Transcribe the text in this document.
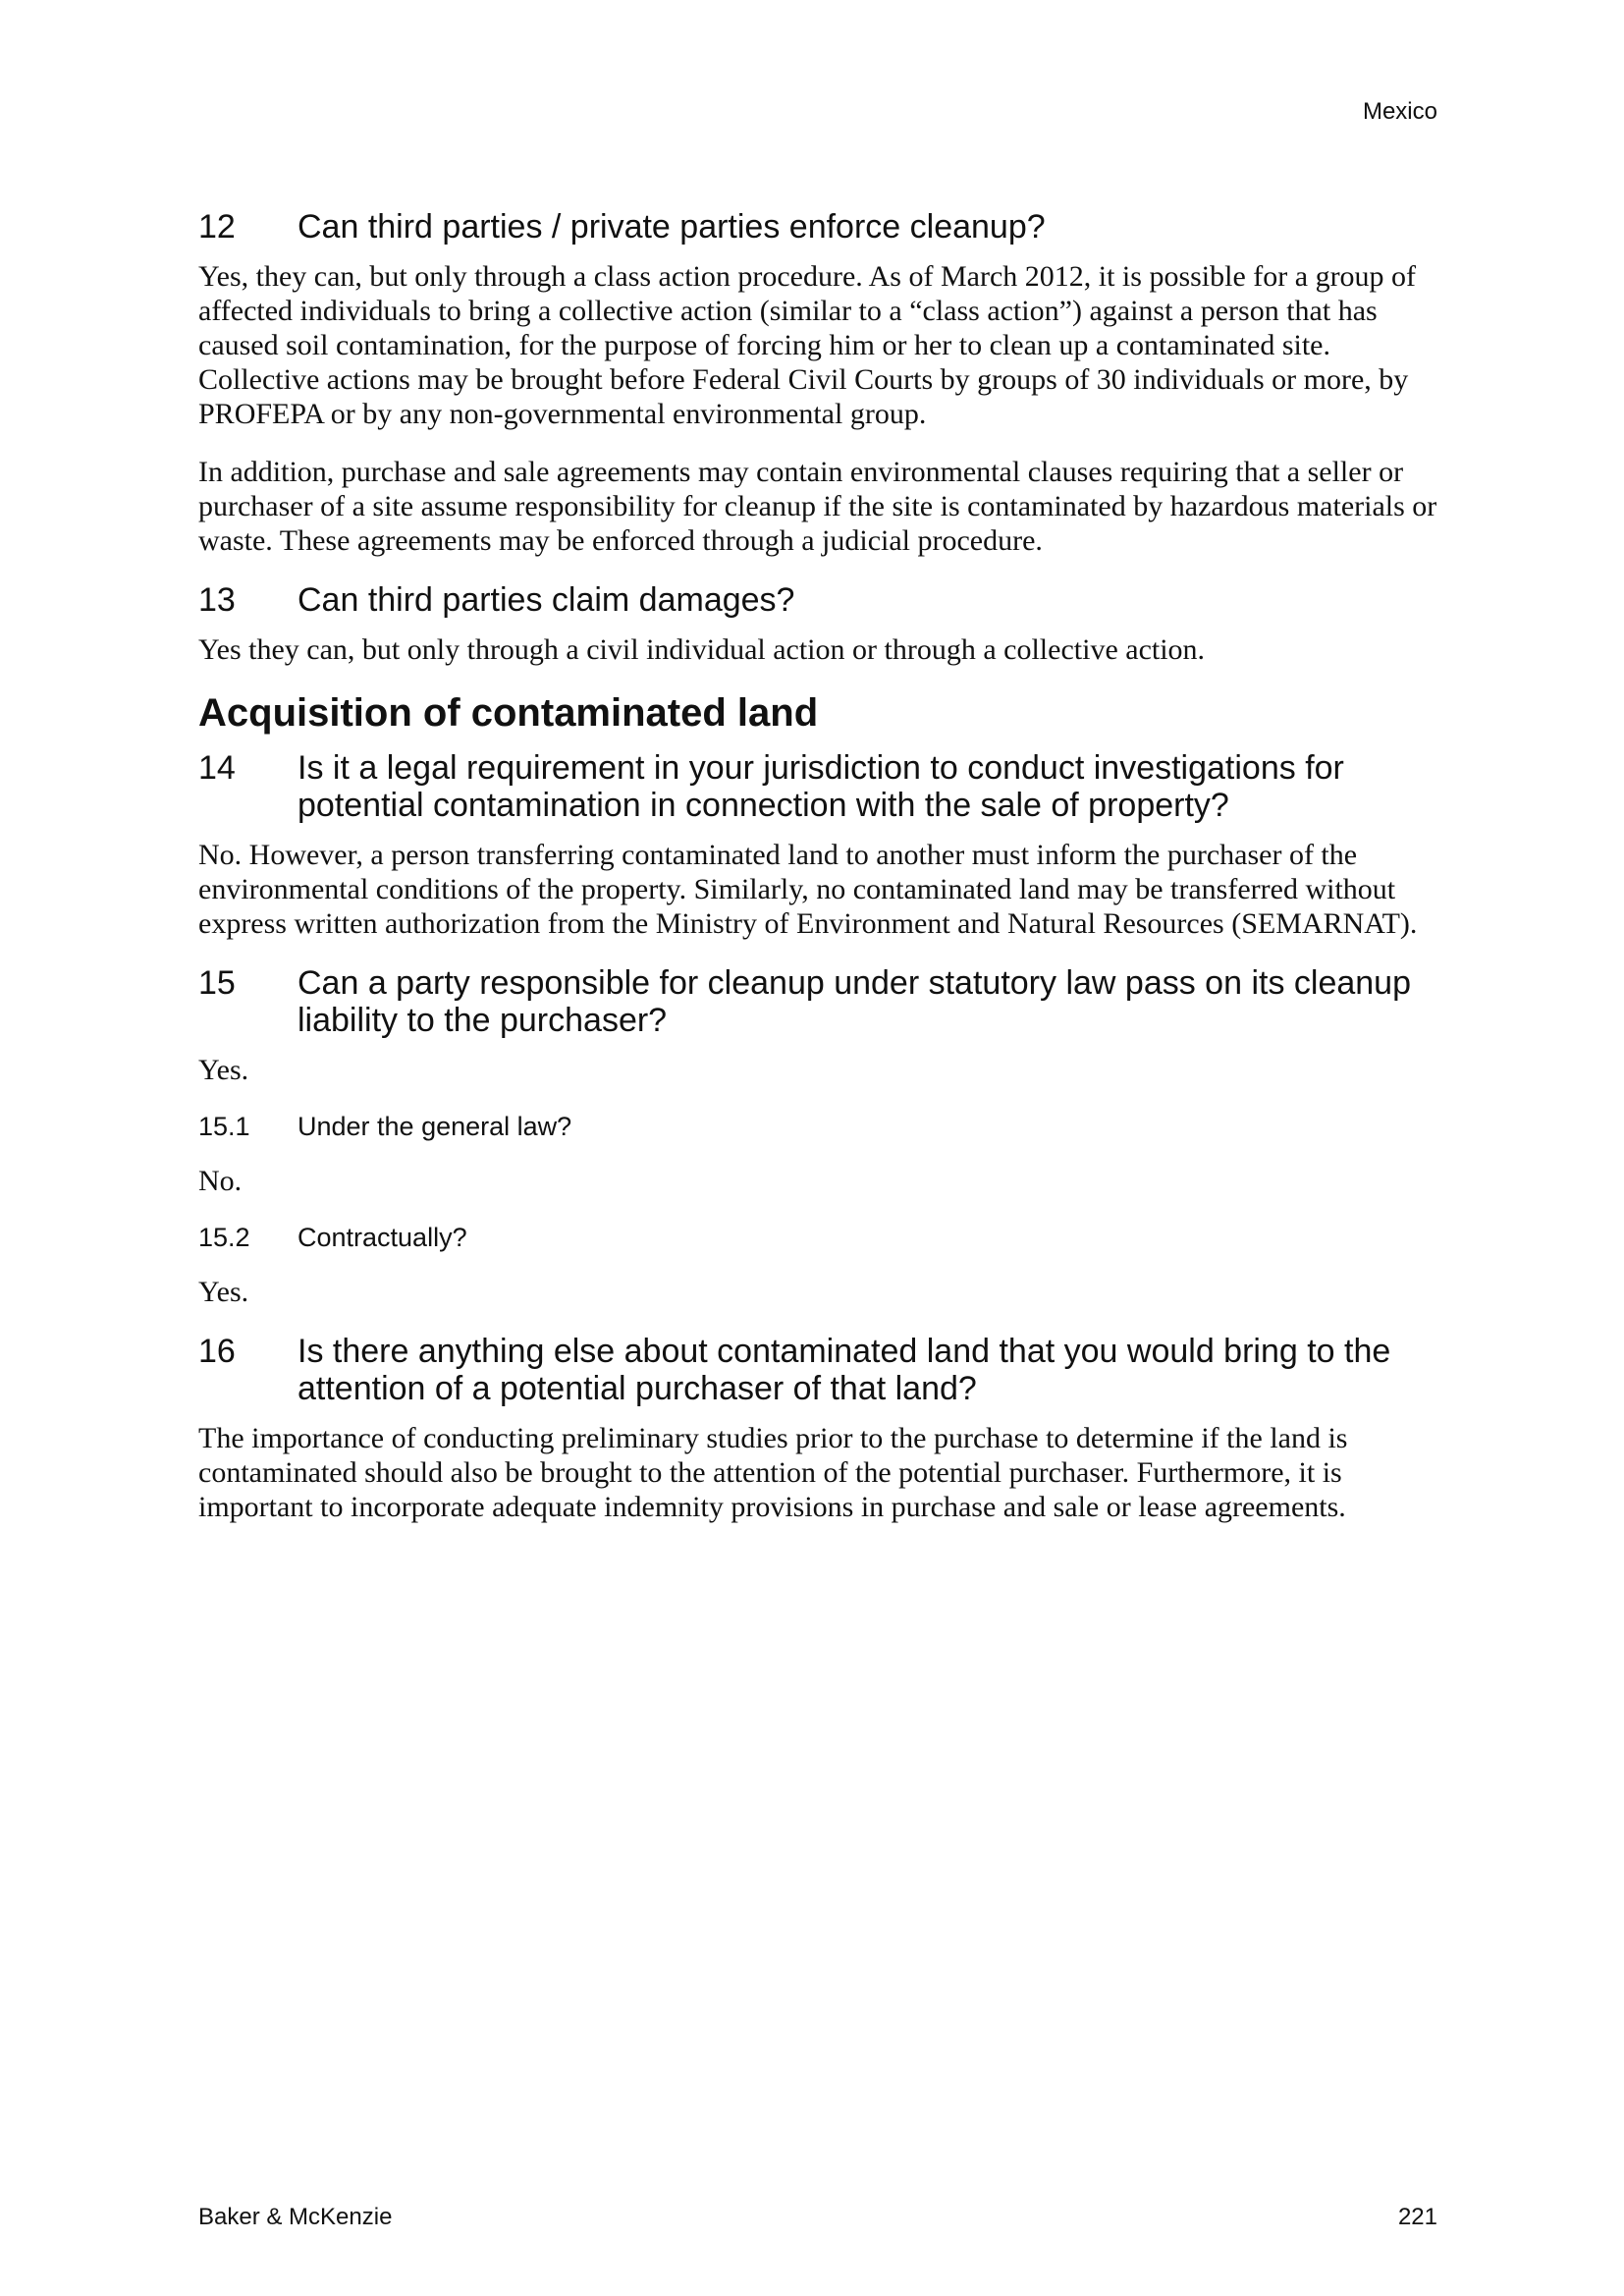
Mexico
12	Can third parties / private parties enforce cleanup?

Yes, they can, but only through a class action procedure. As of March 2012, it is possible for a group of affected individuals to bring a collective action (similar to a “class action”) against a person that has caused soil contamination, for the purpose of forcing him or her to clean up a contaminated site. Collective actions may be brought before Federal Civil Courts by groups of 30 individuals or more, by PROFEPA or by any non-governmental environmental group.

In addition, purchase and sale agreements may contain environmental clauses requiring that a seller or purchaser of a site assume responsibility for cleanup if the site is contaminated by hazardous materials or waste. These agreements may be enforced through a judicial procedure.

13	Can third parties claim damages?

Yes they can, but only through a civil individual action or through a collective action.

Acquisition of contaminated land
14	Is it a legal requirement in your jurisdiction to conduct investigations for potential contamination in connection with the sale of property?

No. However, a person transferring contaminated land to another must inform the purchaser of the environmental conditions of the property. Similarly, no contaminated land may be transferred without express written authorization from the Ministry of Environment and Natural Resources (SEMARNAT).

15	Can a party responsible for cleanup under statutory law pass on its cleanup liability to the purchaser?

Yes.

15.1	Under the general law?

No.

15.2	Contractually?

Yes.

16	Is there anything else about contaminated land that you would bring to the attention of a potential purchaser of that land?

The importance of conducting preliminary studies prior to the purchase to determine if the land is contaminated should also be brought to the attention of the potential purchaser. Furthermore, it is important to incorporate adequate indemnity provisions in purchase and sale or lease agreements.

Baker & McKenzie	221
